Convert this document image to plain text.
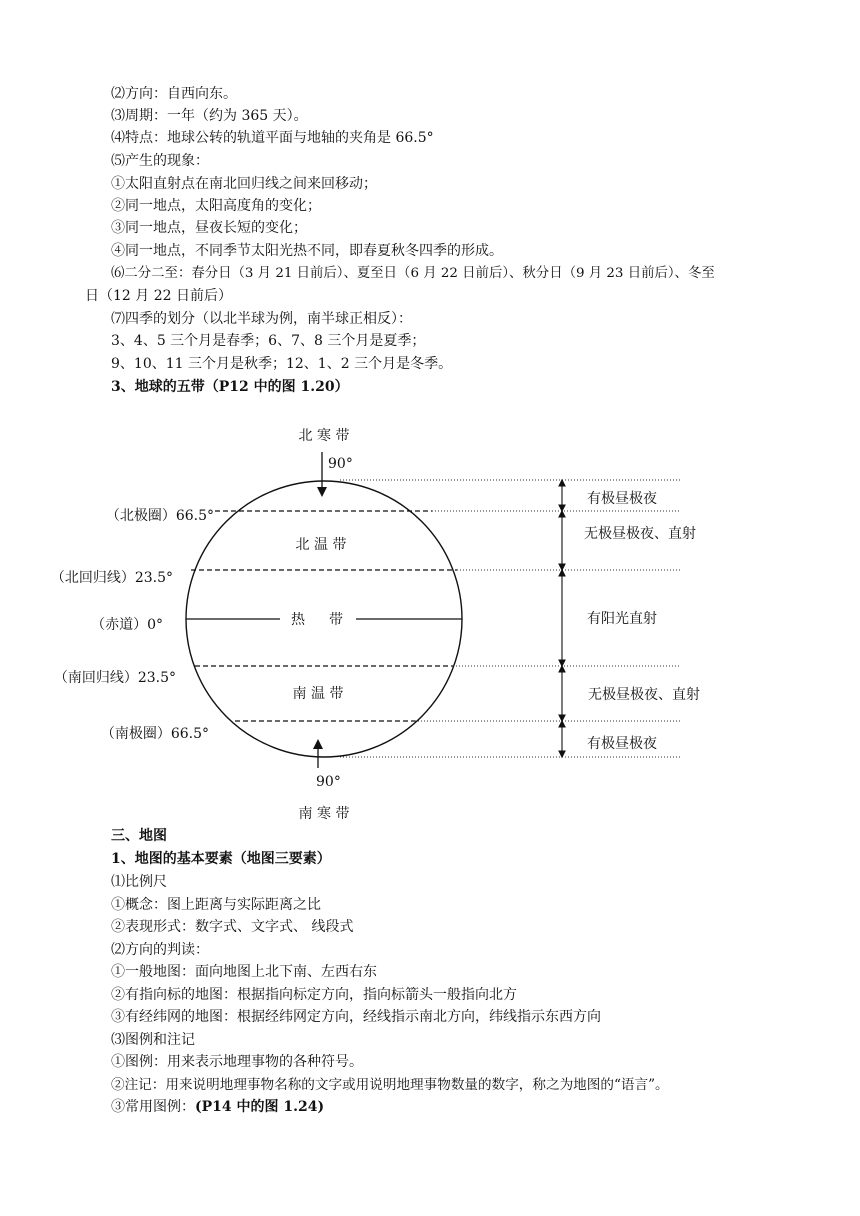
⑵方向：自西向东。
⑶周期：一年（约为 365 天）。
⑷特点：地球公转的轨道平面与地轴的夹角是 66.5°
⑸产生的现象：
①太阳直射点在南北回归线之间来回移动；
②同一地点，太阳高度角的变化；
③同一地点，昼夜长短的变化；
④同一地点，不同季节太阳光热不同，即春夏秋冬四季的形成。
⑹二分二至：春分日（3 月 21 日前后）、夏至日（6 月 22 日前后）、秋分日（9 月 23 日前后）、冬至
日（12 月 22 日前后）
⑺四季的划分（以北半球为例，南半球正相反）：
3、4、5 三个月是春季；6、7、8 三个月是夏季；
9、10、11 三个月是秋季；12、1、2 三个月是冬季。
3、地球的五带（P12 中的图 1.20）
北 寒 带
南 寒 带
90°
90°
北 温 带
热 带
南 温 带
（北极圈）66.5°
（北回归线）23.5°
（赤道）0°
（南回归线）23.5°
（南极圈）66.5°
有极昼极夜
无极昼极夜、直射
有阳光直射
无极昼极夜、直射
有极昼极夜
三、地图
1、地图的基本要素（地图三要素）
⑴比例尺
①概念：图上距离与实际距离之比
②表现形式：数字式、文字式、 线段式
⑵方向的判读：
①一般地图：面向地图上北下南、左西右东
②有指向标的地图：根据指向标定方向，指向标箭头一般指向北方
③有经纬网的地图：根据经纬网定方向，经线指示南北方向，纬线指示东西方向
⑶图例和注记
①图例：用来表示地理事物的各种符号。
②注记：用来说明地理事物名称的文字或用说明地理事物数量的数字，称之为地图的“语言”。
③常用图例：(P14 中的图 1.24)
